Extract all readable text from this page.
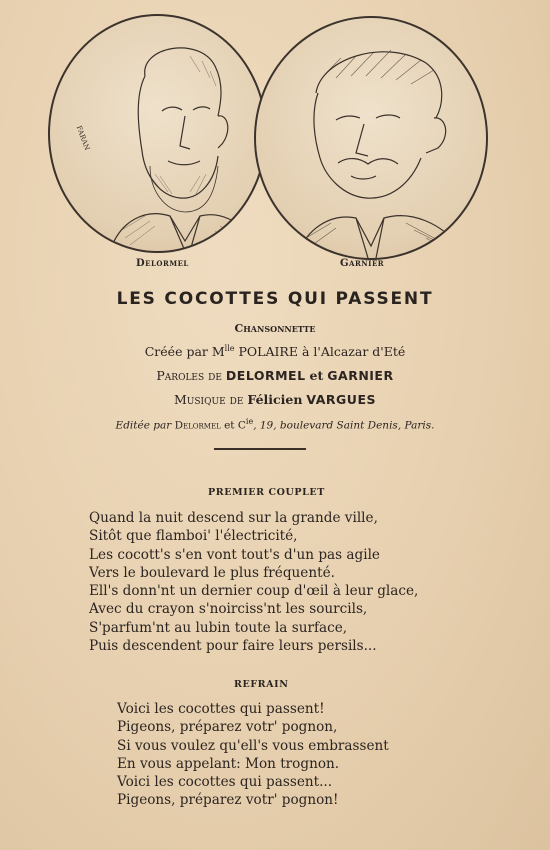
FARAN
Delormel	Garnier
LES COCOTTES QUI PASSENT
Chansonnette
Créée par $M^{lle}$ POLAIRE à l'Alcazar d'Eté
Paroles de DELORMEL et GARNIER
Musique de Félicien VARGUES
Editée par Delormel et $C^{ie}$, 19, boulevard Saint Denis, Paris.
PREMIER COUPLET
Quand la nuit descend sur la grande ville,
Sitôt que flamboi' l'électricité,
Les cocott's s'en vont tout's d'un pas agile
Vers le boulevard le plus fréquenté.
Ell's donn'nt un dernier coup d'œil à leur glace,
Avec du crayon s'noirciss'nt les sourcils,
S'parfum'nt au lubin toute la surface,
Puis descendent pour faire leurs persils...
REFRAIN
Voici les cocottes qui passent!
Pigeons, préparez votr' pognon,
Si vous voulez qu'ell's vous embrassent
En vous appelant: Mon trognon.
Voici les cocottes qui passent...
Pigeons, préparez votr' pognon!
